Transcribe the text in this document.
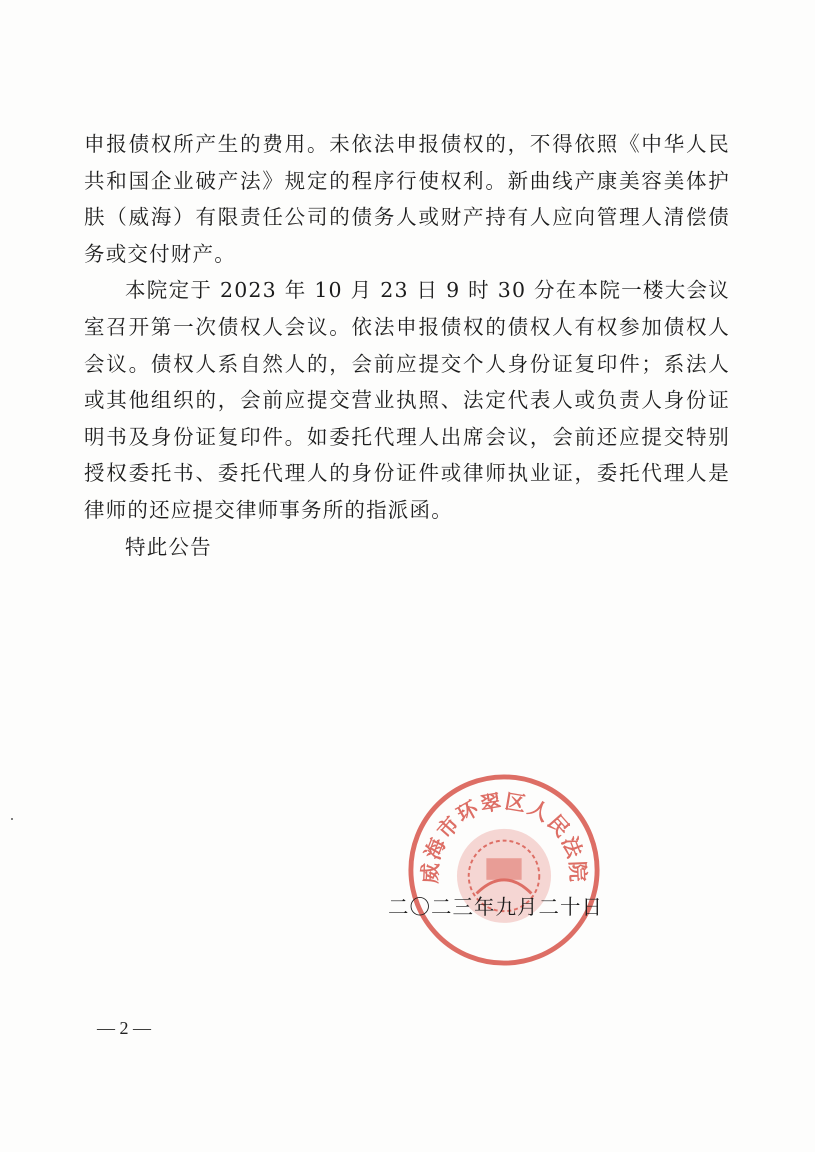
申报债权所产生的费用。未依法申报债权的，不得依照《中华人民共和国企业破产法》规定的程序行使权利。新曲线产康美容美体护肤（威海）有限责任公司的债务人或财产持有人应向管理人清偿债务或交付财产。

本院定于 2023 年 10 月 23 日 9 时 30 分在本院一楼大会议室召开第一次债权人会议。依法申报债权的债权人有权参加债权人会议。债权人系自然人的，会前应提交个人身份证复印件；系法人或其他组织的，会前应提交营业执照、法定代表人或负责人身份证明书及身份证复印件。如委托代理人出席会议，会前还应提交特别授权委托书、委托代理人的身份证件或律师执业证，委托代理人是律师的还应提交律师事务所的指派函。

特此公告

威海市环翠区人民法院
二〇二三年九月二十日
— 2 —
